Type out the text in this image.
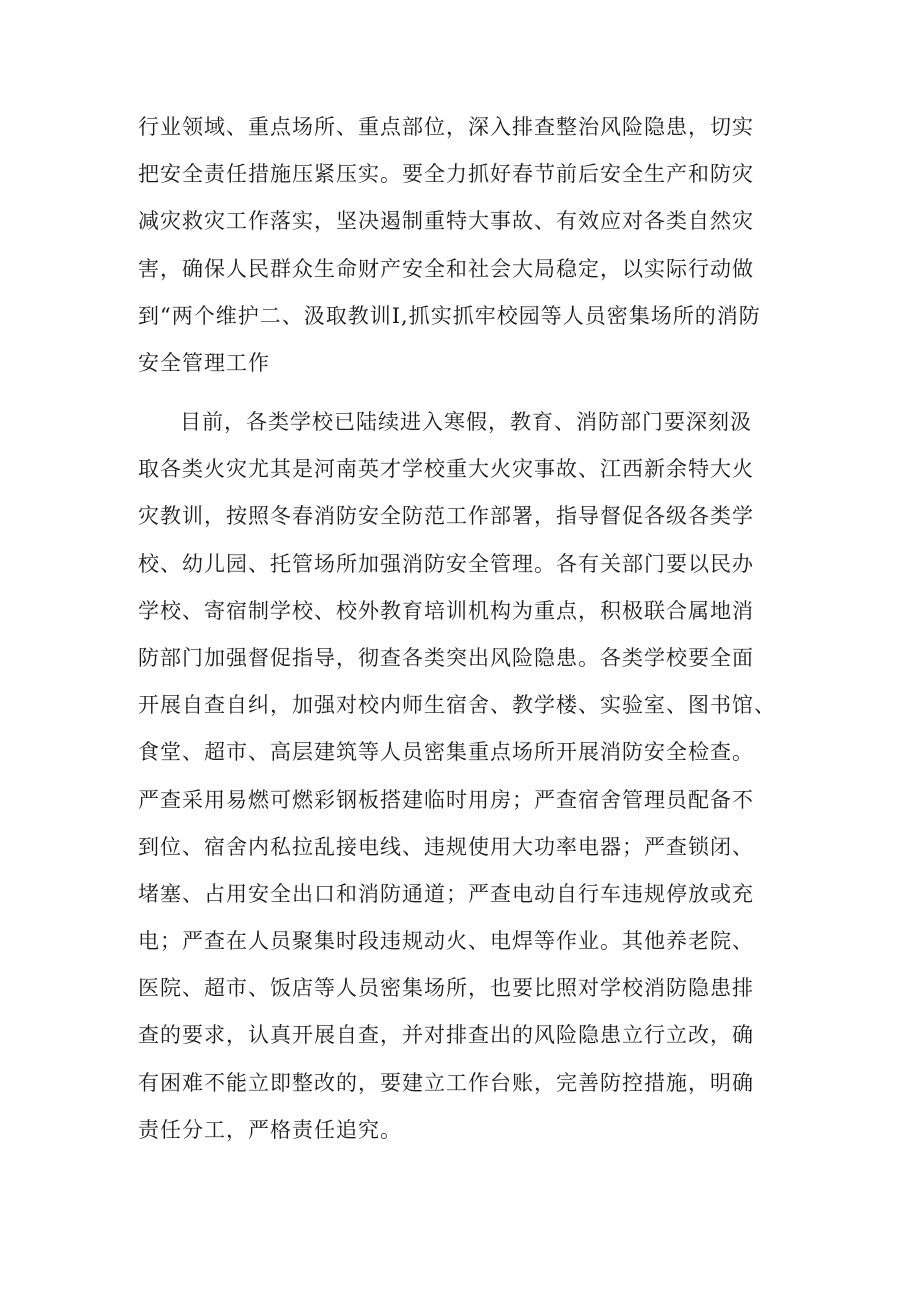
行业领域、重点场所、重点部位，深入排查整治风险隐患，切实
把安全责任措施压紧压实。要全力抓好春节前后安全生产和防灾
减灾救灾工作落实，坚决遏制重特大事故、有效应对各类自然灾
害，确保人民群众生命财产安全和社会大局稳定，以实际行动做
到“两个维护二、汲取教训I,抓实抓牢校园等人员密集场所的消防
安全管理工作
目前，各类学校已陆续进入寒假，教育、消防部门要深刻汲
取各类火灾尤其是河南英才学校重大火灾事故、江西新余特大火
灾教训，按照冬春消防安全防范工作部署，指导督促各级各类学
校、幼儿园、托管场所加强消防安全管理。各有关部门要以民办
学校、寄宿制学校、校外教育培训机构为重点，积极联合属地消
防部门加强督促指导，彻查各类突出风险隐患。各类学校要全面
开展自查自纠，加强对校内师生宿舍、教学楼、实验室、图书馆、
食堂、超市、高层建筑等人员密集重点场所开展消防安全检查。
严查采用易燃可燃彩钢板搭建临时用房；严查宿舍管理员配备不
到位、宿舍内私拉乱接电线、违规使用大功率电器；严查锁闭、
堵塞、占用安全出口和消防通道；严查电动自行车违规停放或充
电；严查在人员聚集时段违规动火、电焊等作业。其他养老院、
医院、超市、饭店等人员密集场所，也要比照对学校消防隐患排
查的要求，认真开展自查，并对排查出的风险隐患立行立改，确
有困难不能立即整改的，要建立工作台账，完善防控措施，明确
责任分工，严格责任追究。
